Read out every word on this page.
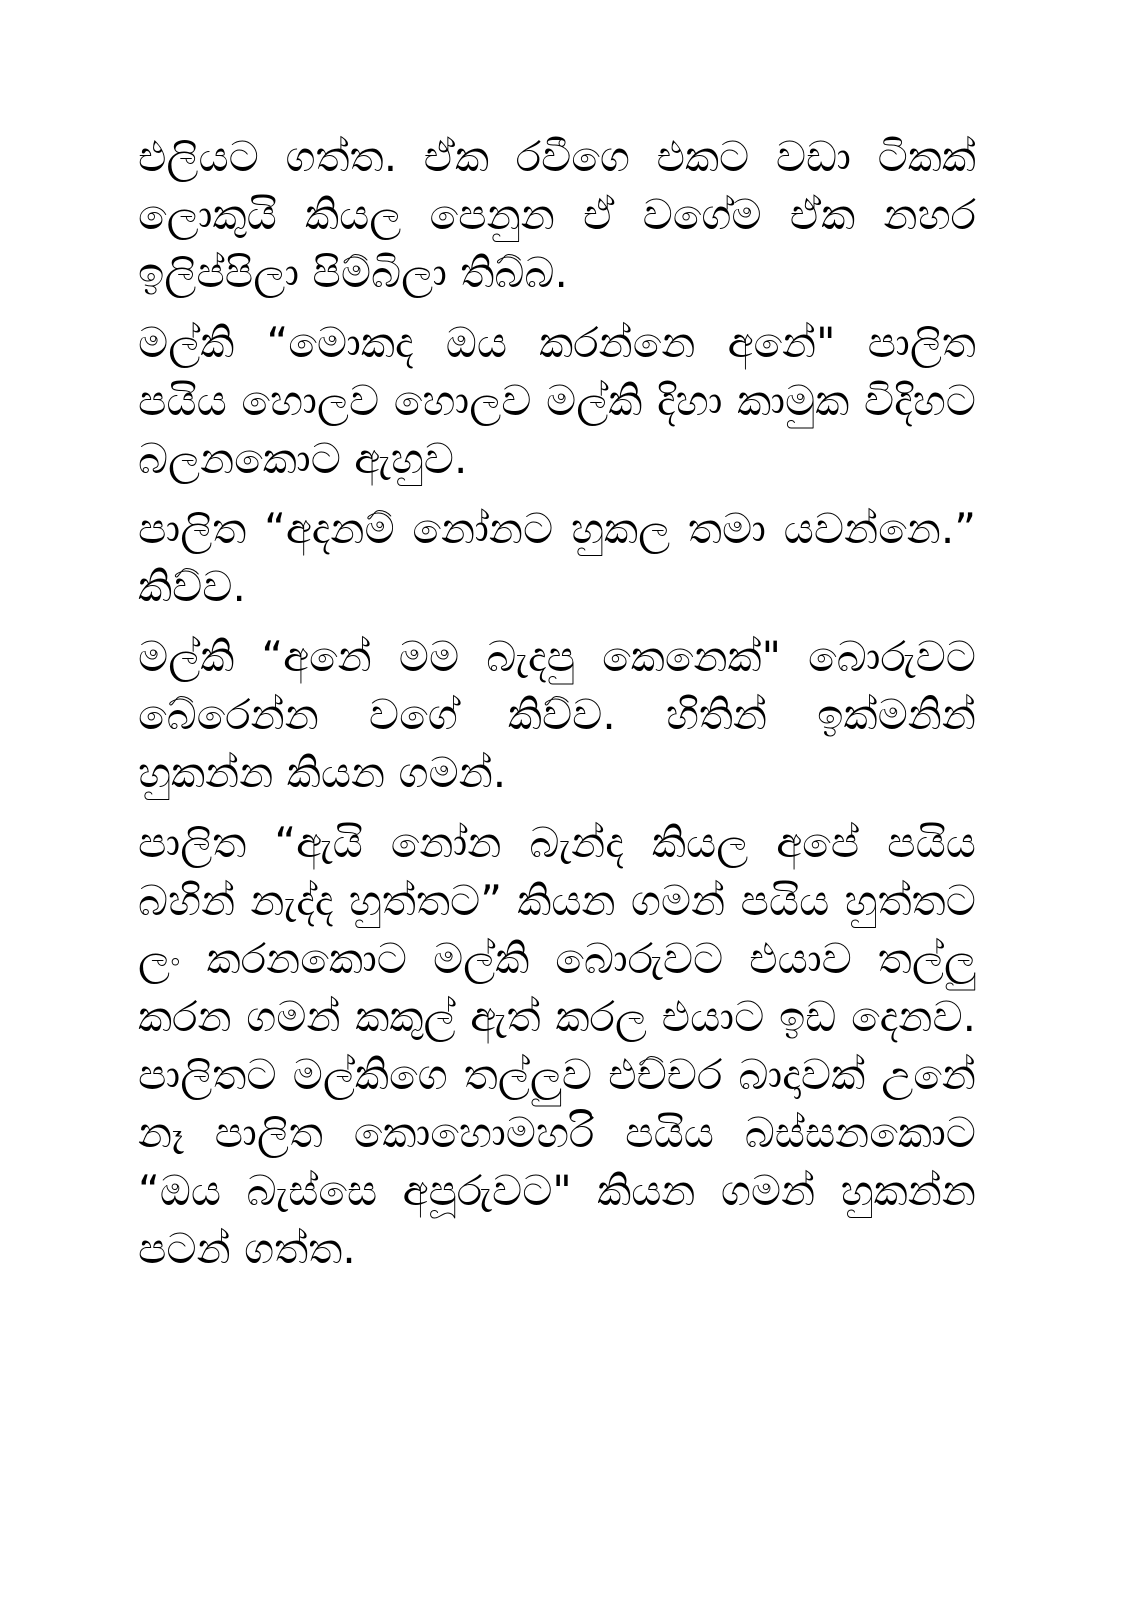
එලියට ගත්ත. ඒක රවීගෙ එකට වඩා ටිකක් ලොකුයි කියල පෙනුන ඒ වගේම ඒක නහර ඉලිප්පිලා පිම්බිලා තිබ්බ.

මල්කි “මොකද ඔය කරන්නෙ අනේ" පාලිත පයිය හොලව හොලව මල්කි දිහා කාමුක විදිහට බලනකොට ඇහුව.

පාලිත “අදනම් නෝනට හුකල තමා යවන්නෙ.” කිව්ව.

මල්කි “අනේ මම බැදපු කෙනෙක්" බොරුවට බේරෙන්න වගේ කිව්ව. හිතින් ඉක්මනින් හුකන්න කියන ගමන්.

පාලිත “ඇයි නෝන බැන්ද කියල අපේ පයිය බහින් නැද්ද හුත්තට” කියන ගමන් පයිය හුත්තට ලං කරනකොට මල්කි බොරුවට එයාව තල්ලු කරන ගමන් කකුල් ඇත් කරල එයාට ඉඩ දෙනව. පාලිතට මල්කිගෙ තල්ලුව එච්චර බාදාවක් උනේ නෑ පාලිත කොහොමහරි පයිය බස්සනකොට “ඔය බැස්සෙ අපූරුවට" කියන ගමන් හුකන්න පටන් ගත්ත.
